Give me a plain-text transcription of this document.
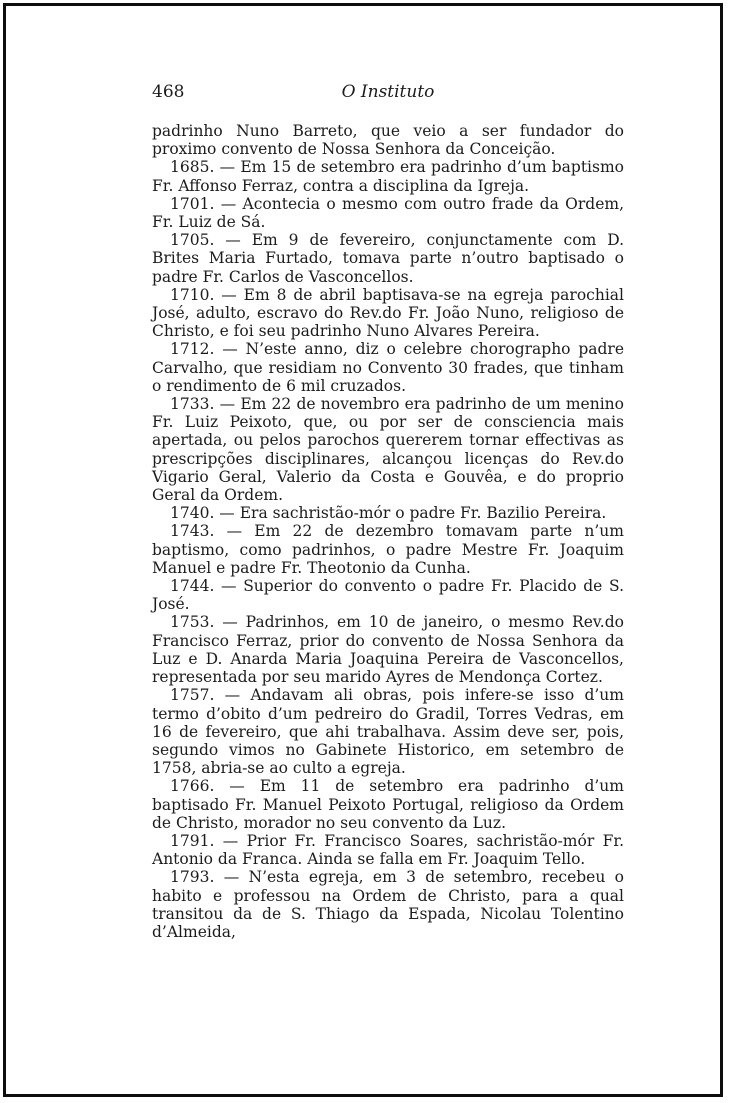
468	O Instituto

padrinho Nuno Barreto, que veio a ser fundador do proximo convento de Nossa Senhora da Conceição.

1685. — Em 15 de setembro era padrinho d’um baptismo Fr. Affonso Ferraz, contra a disciplina da Igreja.

1701. — Acontecia o mesmo com outro frade da Ordem, Fr. Luiz de Sá.

1705. — Em 9 de fevereiro, conjunctamente com D. Brites Maria Furtado, tomava parte n’outro baptisado o padre Fr. Carlos de Vasconcellos.

1710. — Em 8 de abril baptisava-se na egreja parochial José, adulto, escravo do Rev.do Fr. João Nuno, religioso de Christo, e foi seu padrinho Nuno Alvares Pereira.

1712. — N’este anno, diz o celebre chorographo padre Carvalho, que residiam no Convento 30 frades, que tinham o rendimento de 6 mil cruzados.

1733. — Em 22 de novembro era padrinho de um menino Fr. Luiz Peixoto, que, ou por ser de consciencia mais apertada, ou pelos parochos quererem tornar effectivas as prescripções disciplinares, alcançou licenças do Rev.do Vigario Geral, Valerio da Costa e Gouvêa, e do proprio Geral da Ordem.

1740. — Era sachristão-mór o padre Fr. Bazilio Pereira.

1743. — Em 22 de dezembro tomavam parte n’um baptismo, como padrinhos, o padre Mestre Fr. Joaquim Manuel e padre Fr. Theotonio da Cunha.

1744. — Superior do convento o padre Fr. Placido de S. José.

1753. — Padrinhos, em 10 de janeiro, o mesmo Rev.do Francisco Ferraz, prior do convento de Nossa Senhora da Luz e D. Anarda Maria Joaquina Pereira de Vasconcellos, representada por seu marido Ayres de Mendonça Cortez.

1757. — Andavam ali obras, pois infere-se isso d’um termo d’obito d’um pedreiro do Gradil, Torres Vedras, em 16 de fevereiro, que ahi trabalhava. Assim deve ser, pois, segundo vimos no Gabinete Historico, em setembro de 1758, abria-se ao culto a egreja.

1766. — Em 11 de setembro era padrinho d’um baptisado Fr. Manuel Peixoto Portugal, religioso da Ordem de Christo, morador no seu convento da Luz.

1791. — Prior Fr. Francisco Soares, sachristão-mór Fr. Antonio da Franca. Ainda se falla em Fr. Joaquim Tello.

1793. — N’esta egreja, em 3 de setembro, recebeu o habito e professou na Ordem de Christo, para a qual transitou da de S. Thiago da Espada, Nicolau Tolentino d’Almeida,
